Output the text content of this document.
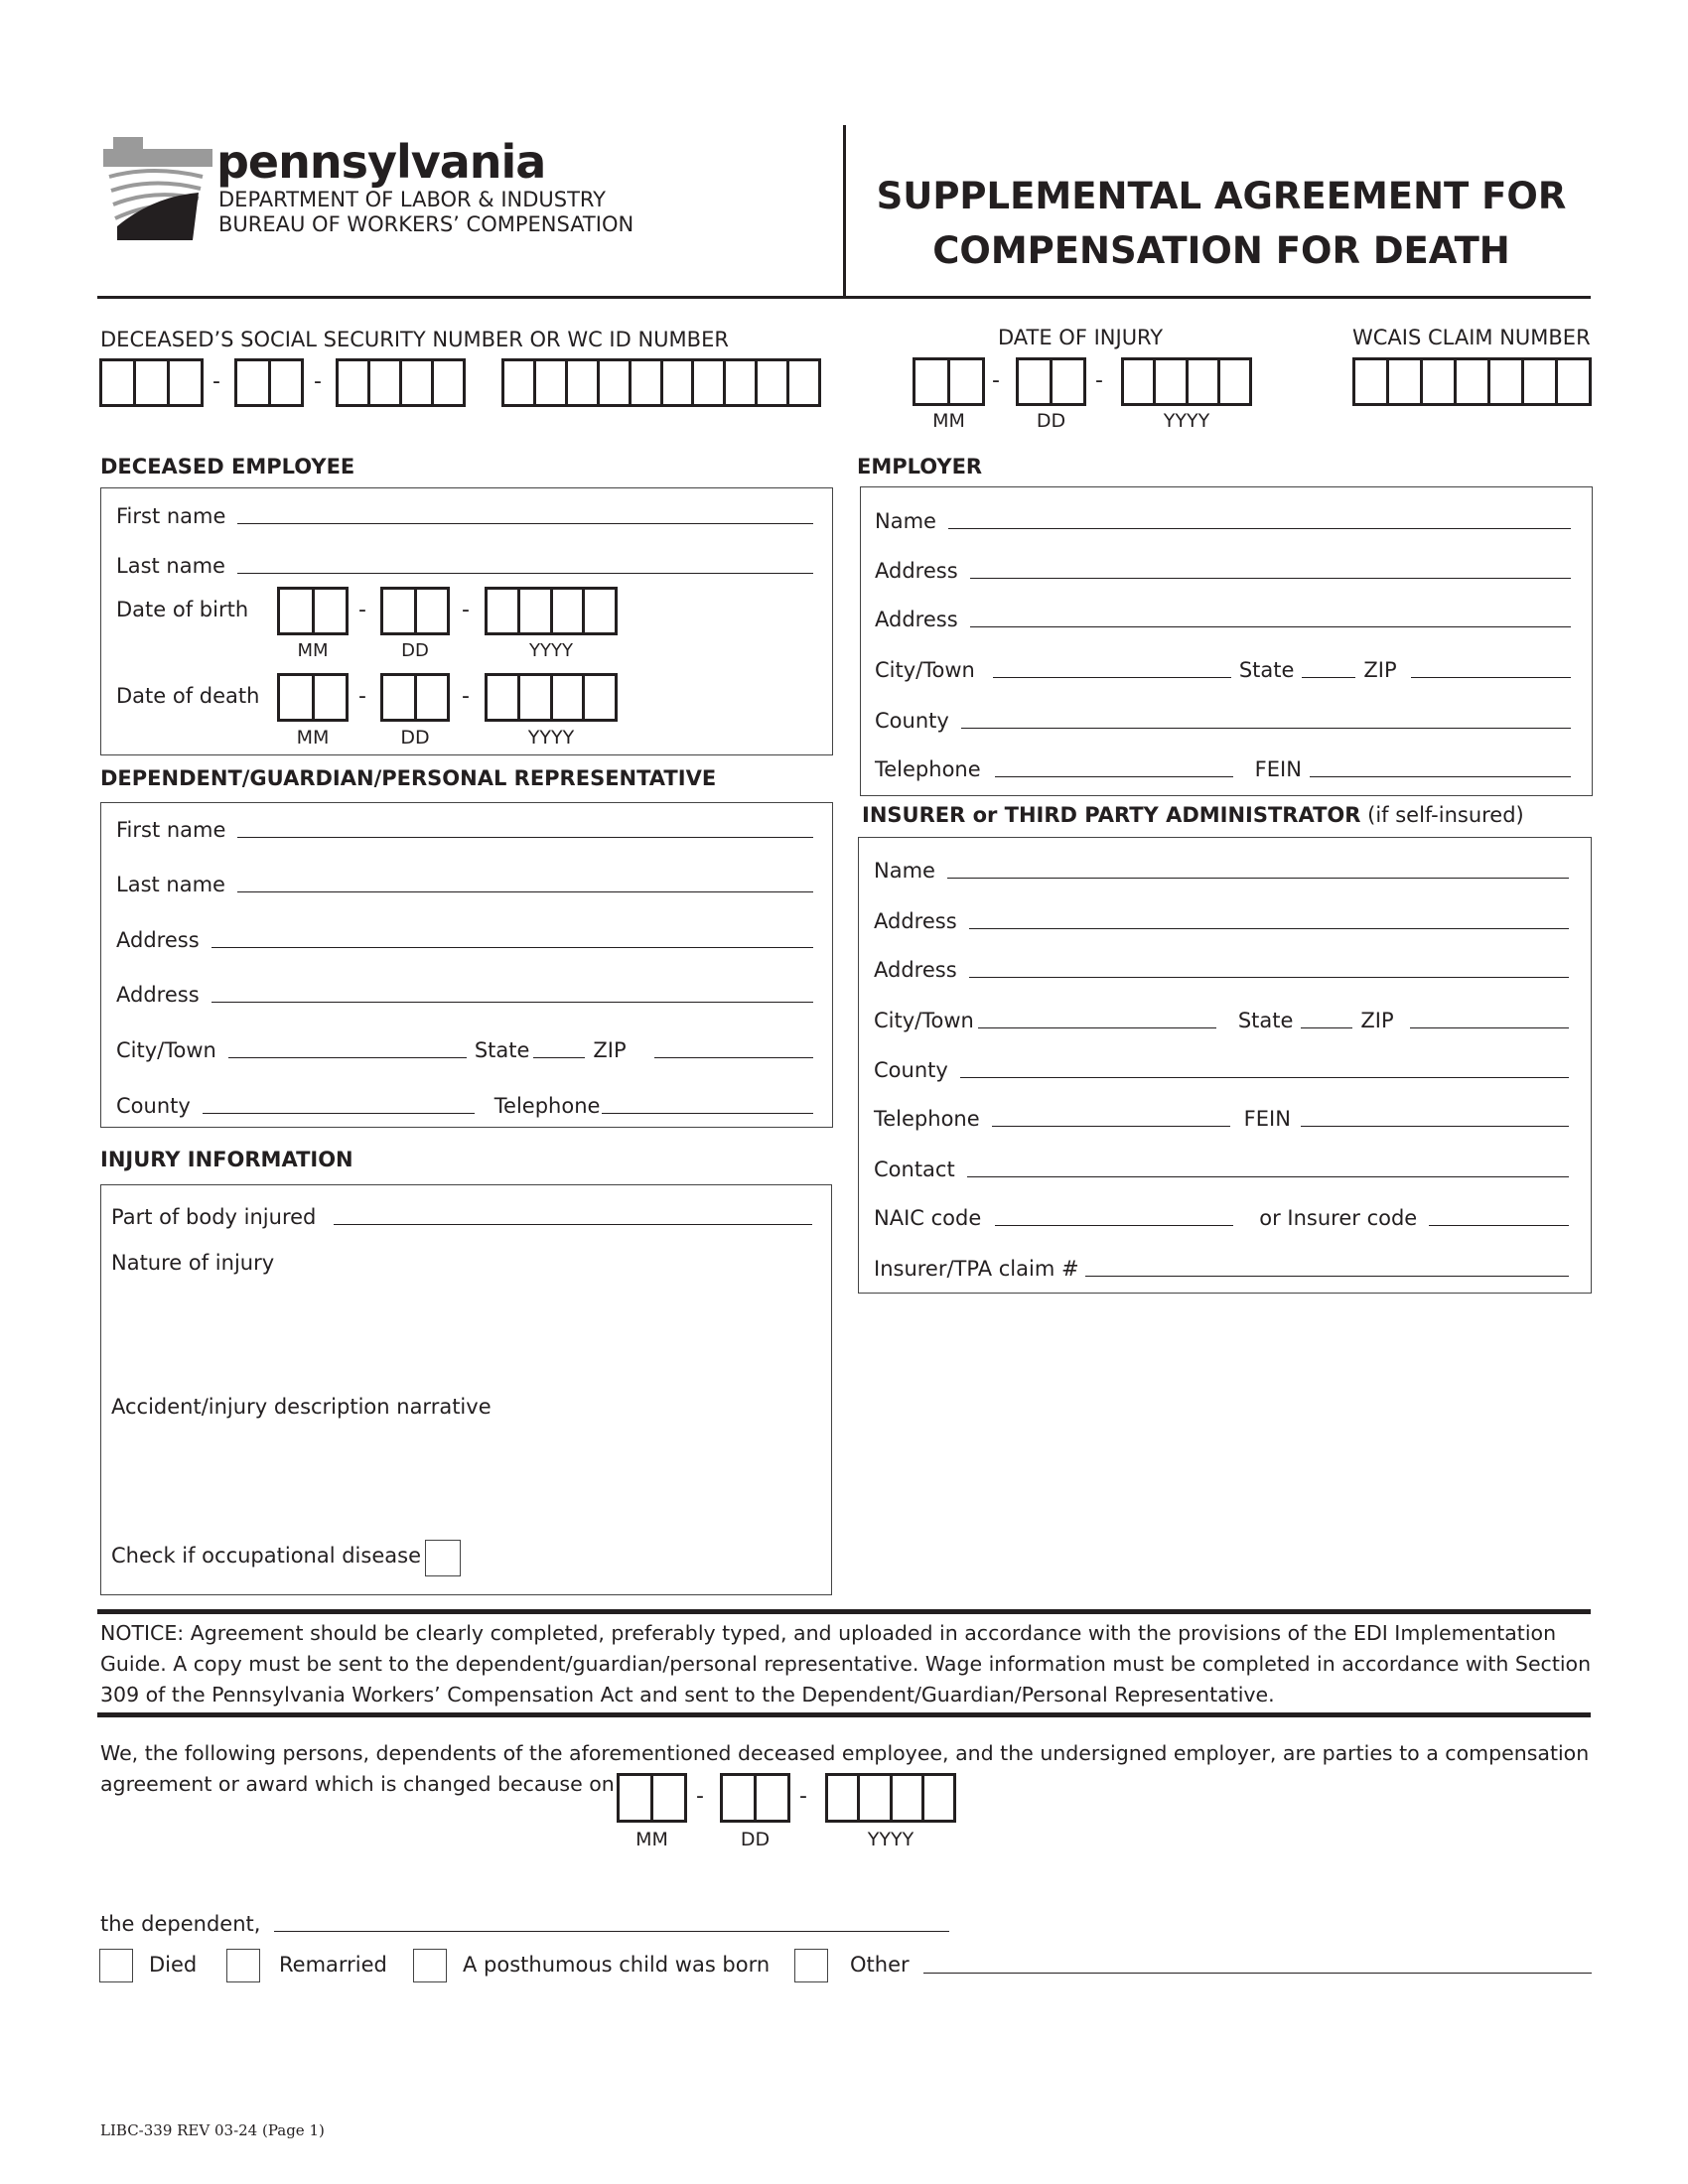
pennsylvania
DEPARTMENT OF LABOR & INDUSTRY
BUREAU OF WORKERS’ COMPENSATION
SUPPLEMENTAL AGREEMENT FOR
COMPENSATION FOR DEATH
DECEASED’S SOCIAL SECURITY NUMBER OR WC ID NUMBER
-	-
DATE OF INJURY
-	-
MM	DD	YYYY
WCAIS CLAIM NUMBER
DECEASED EMPLOYEE
First name
Last name
Date of birth	-	-
MM	DD	YYYY
Date of death	-	-
MM	DD	YYYY
DEPENDENT/GUARDIAN/PERSONAL REPRESENTATIVE
First name
Last name
Address
Address
City/Town	State	ZIP
County	Telephone
INJURY INFORMATION
Part of body injured
Nature of injury
Accident/injury description narrative
Check if occupational disease
EMPLOYER
Name
Address
Address
City/Town	State	ZIP
County
Telephone	FEIN
INSURER or THIRD PARTY ADMINISTRATOR (if self-insured)
Name
Address
Address
City/Town	State	ZIP
County
Telephone	FEIN
Contact
NAIC code	or Insurer code
Insurer/TPA claim #
NOTICE: Agreement should be clearly completed, preferably typed, and uploaded in accordance with the provisions of the EDI Implementation
Guide. A copy must be sent to the dependent/guardian/personal representative. Wage information must be completed in accordance with Section
309 of the Pennsylvania Workers’ Compensation Act and sent to the Dependent/Guardian/Personal Representative.
We, the following persons, dependents of the aforementioned deceased employee, and the undersigned employer, are parties to a compensation
agreement or award which is changed because on	-	-
MM	DD	YYYY
the dependent,
Died	Remarried	A posthumous child was born	Other
LIBC-339 REV 03-24 (Page 1)
